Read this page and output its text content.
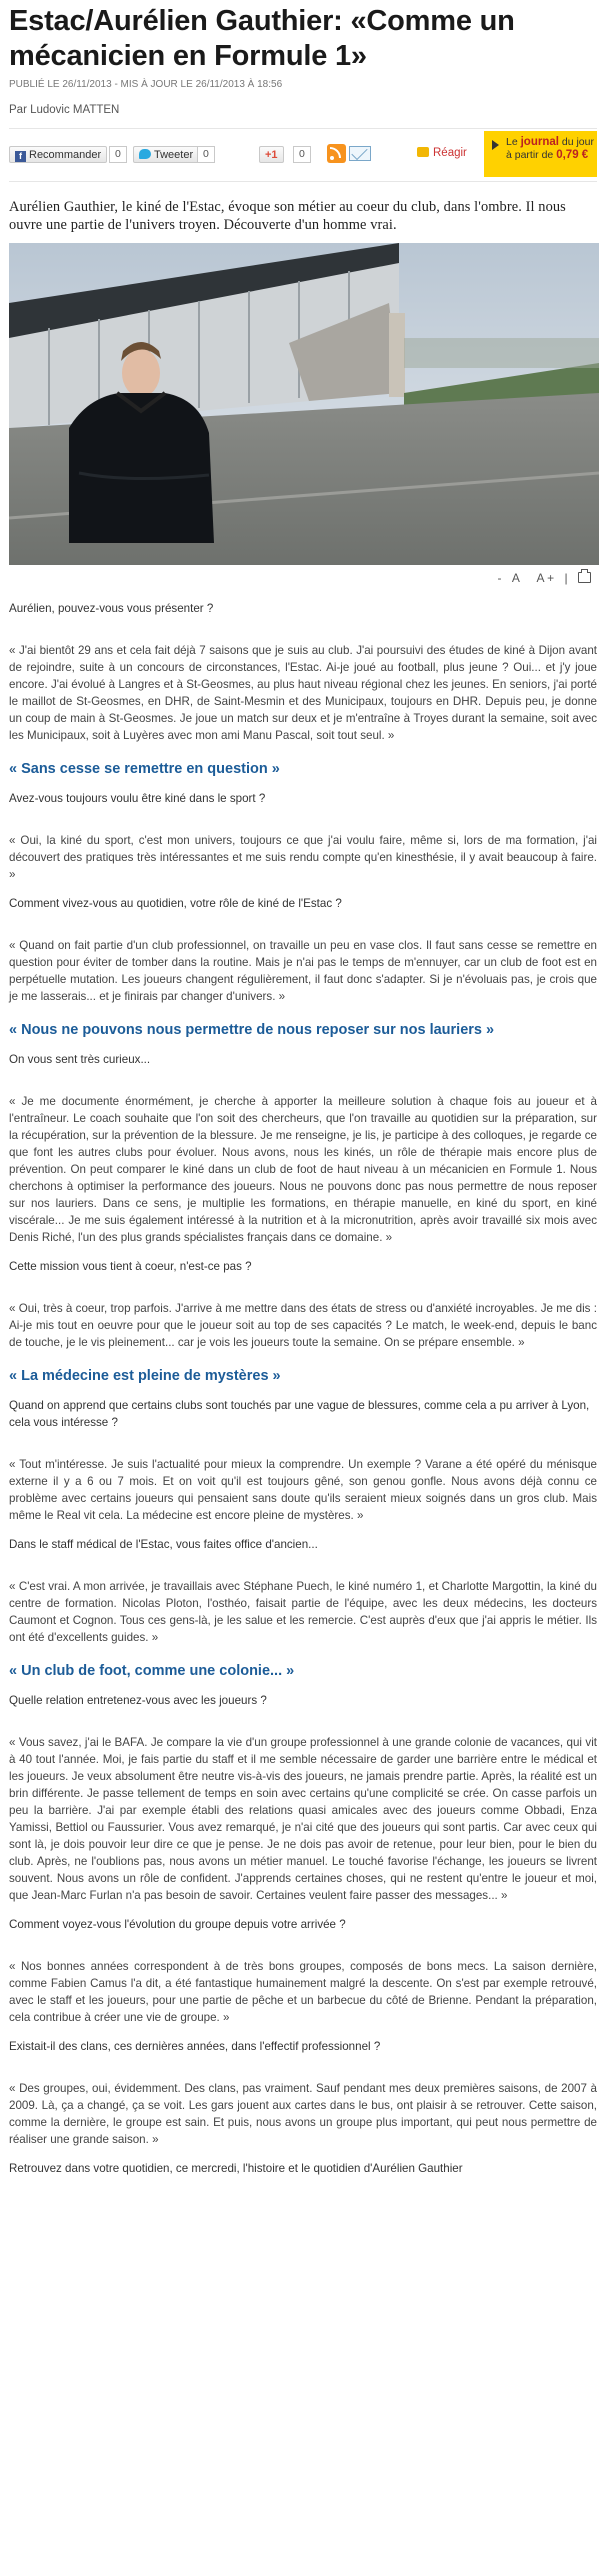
Estac/Aurélien Gauthier: «Comme un mécanicien en Formule 1»
PUBLIÉ LE 26/11/2013 - MIS À JOUR LE 26/11/2013 À 18:56
Par Ludovic MATTEN
f Recommander	0	Tweeter 0	+1	0	Réagir
Le journal du jour
à partir de 0,79 €

Aurélien Gauthier, le kiné de l'Estac, évoque son métier au coeur du club, dans l'ombre. Il nous ouvre une partie de l'univers troyen. Découverte d'un homme vrai.

- A A + |

Aurélien, pouvez-vous vous présenter ?

« J'ai bientôt 29 ans et cela fait déjà 7 saisons que je suis au club. J'ai poursuivi des études de kiné à Dijon avant de rejoindre, suite à un concours de circonstances, l'Estac. Ai-je joué au football, plus jeune ? Oui... et j'y joue encore. J'ai évolué à Langres et à St-Geosmes, au plus haut niveau régional chez les jeunes. En seniors, j'ai porté le maillot de St-Geosmes, en DHR, de Saint-Mesmin et des Municipaux, toujours en DHR. Depuis peu, je donne un coup de main à St-Geosmes. Je joue un match sur deux et je m'entraîne à Troyes durant la semaine, soit avec les Municipaux, soit à Luyères avec mon ami Manu Pascal, soit tout seul. »

« Sans cesse se remettre en question »

Avez-vous toujours voulu être kiné dans le sport ?

« Oui, la kiné du sport, c'est mon univers, toujours ce que j'ai voulu faire, même si, lors de ma formation, j'ai découvert des pratiques très intéressantes et me suis rendu compte qu'en kinesthésie, il y avait beaucoup à faire. »

Comment vivez-vous au quotidien, votre rôle de kiné de l'Estac ?

« Quand on fait partie d'un club professionnel, on travaille un peu en vase clos. Il faut sans cesse se remettre en question pour éviter de tomber dans la routine. Mais je n'ai pas le temps de m'ennuyer, car un club de foot est en perpétuelle mutation. Les joueurs changent régulièrement, il faut donc s'adapter. Si je n'évoluais pas, je crois que je me lasserais... et je finirais par changer d'univers. »

« Nous ne pouvons nous permettre de nous reposer sur nos lauriers »

On vous sent très curieux...

« Je me documente énormément, je cherche à apporter la meilleure solution à chaque fois au joueur et à l'entraîneur. Le coach souhaite que l'on soit des chercheurs, que l'on travaille au quotidien sur la préparation, sur la récupération, sur la prévention de la blessure. Je me renseigne, je lis, je participe à des colloques, je regarde ce que font les autres clubs pour évoluer. Nous avons, nous les kinés, un rôle de thérapie mais encore plus de prévention. On peut comparer le kiné dans un club de foot de haut niveau à un mécanicien en Formule 1. Nous cherchons à optimiser la performance des joueurs. Nous ne pouvons donc pas nous permettre de nous reposer sur nos lauriers. Dans ce sens, je multiplie les formations, en thérapie manuelle, en kiné du sport, en kiné viscérale... Je me suis également intéressé à la nutrition et à la micronutrition, après avoir travaillé six mois avec Denis Riché, l'un des plus grands spécialistes français dans ce domaine. »

Cette mission vous tient à coeur, n'est-ce pas ?

« Oui, très à coeur, trop parfois. J'arrive à me mettre dans des états de stress ou d'anxiété incroyables. Je me dis : Ai-je mis tout en oeuvre pour que le joueur soit au top de ses capacités ? Le match, le week-end, depuis le banc de touche, je le vis pleinement... car je vois les joueurs toute la semaine. On se prépare ensemble. »

« La médecine est pleine de mystères »

Quand on apprend que certains clubs sont touchés par une vague de blessures, comme cela a pu arriver à Lyon, cela vous intéresse ?

« Tout m'intéresse. Je suis l'actualité pour mieux la comprendre. Un exemple ? Varane a été opéré du ménisque externe il y a 6 ou 7 mois. Et on voit qu'il est toujours gêné, son genou gonfle. Nous avons déjà connu ce problème avec certains joueurs qui pensaient sans doute qu'ils seraient mieux soignés dans un gros club. Mais même le Real vit cela. La médecine est encore pleine de mystères. »

Dans le staff médical de l'Estac, vous faites office d'ancien...

« C'est vrai. A mon arrivée, je travaillais avec Stéphane Puech, le kiné numéro 1, et Charlotte Margottin, la kiné du centre de formation. Nicolas Ploton, l'osthéo, faisait partie de l'équipe, avec les deux médecins, les docteurs Caumont et Cognon. Tous ces gens-là, je les salue et les remercie. C'est auprès d'eux que j'ai appris le métier. Ils ont été d'excellents guides. »

« Un club de foot, comme une colonie... »

Quelle relation entretenez-vous avec les joueurs ?

« Vous savez, j'ai le BAFA. Je compare la vie d'un groupe professionnel à une grande colonie de vacances, qui vit à 40 tout l'année. Moi, je fais partie du staff et il me semble nécessaire de garder une barrière entre le médical et les joueurs. Je veux absolument être neutre vis-à-vis des joueurs, ne jamais prendre partie. Après, la réalité est un brin différente. Je passe tellement de temps en soin avec certains qu'une complicité se crée. On casse parfois un peu la barrière. J'ai par exemple établi des relations quasi amicales avec des joueurs comme Obbadi, Enza Yamissi, Bettiol ou Faussurier. Vous avez remarqué, je n'ai cité que des joueurs qui sont partis. Car avec ceux qui sont là, je dois pouvoir leur dire ce que je pense. Je ne dois pas avoir de retenue, pour leur bien, pour le bien du club. Après, ne l'oublions pas, nous avons un métier manuel. Le touché favorise l'échange, les joueurs se livrent souvent. Nous avons un rôle de confident. J'apprends certaines choses, qui ne restent qu'entre le joueur et moi, que Jean-Marc Furlan n'a pas besoin de savoir. Certaines veulent faire passer des messages... »

Comment voyez-vous l'évolution du groupe depuis votre arrivée ?

« Nos bonnes années correspondent à de très bons groupes, composés de bons mecs. La saison dernière, comme Fabien Camus l'a dit, a été fantastique humainement malgré la descente. On s'est par exemple retrouvé, avec le staff et les joueurs, pour une partie de pêche et un barbecue du côté de Brienne. Pendant la préparation, cela contribue à créer une vie de groupe. »

Existait-il des clans, ces dernières années, dans l'effectif professionnel ?

« Des groupes, oui, évidemment. Des clans, pas vraiment. Sauf pendant mes deux premières saisons, de 2007 à 2009. Là, ça a changé, ça se voit. Les gars jouent aux cartes dans le bus, ont plaisir à se retrouver. Cette saison, comme la dernière, le groupe est sain. Et puis, nous avons un groupe plus important, qui peut nous permettre de réaliser une grande saison. »

Retrouvez dans votre quotidien, ce mercredi, l'histoire et le quotidien d'Aurélien Gauthier
